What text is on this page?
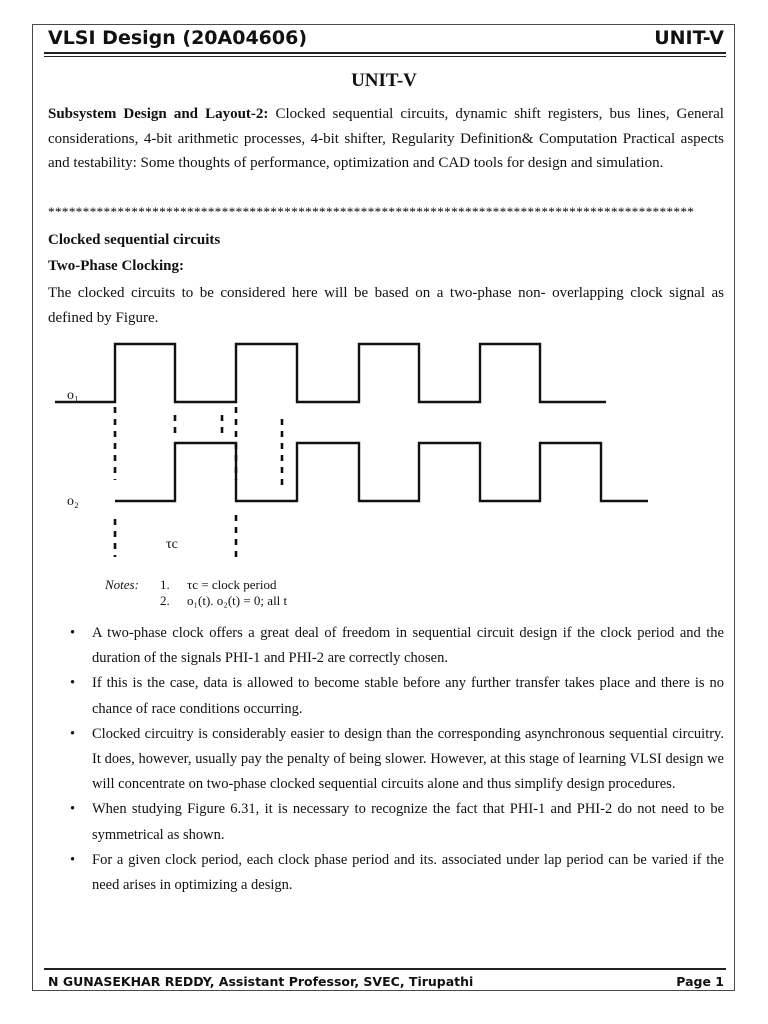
VLSI Design (20A04606)	UNIT-V
UNIT-V
Subsystem Design and Layout-2: Clocked sequential circuits, dynamic shift registers, bus lines, General considerations, 4-bit arithmetic processes, 4-bit shifter, Regularity Definition& Computation Practical aspects and testability: Some thoughts of performance, optimization and CAD tools for design and simulation.
*********************************************************************************************
Clocked sequential circuits
Two-Phase Clocking:
The clocked circuits to be considered here will be based on a two-phase non- overlapping clock signal as defined by Figure.
ο₁
ο₂
τc
Notes: 1. τc = clock period
2. ο₁(t). ο₂(t) = 0; all t
• A two-phase clock offers a great deal of freedom in sequential circuit design if the clock period and the duration of the signals PHI-1 and PHI-2 are correctly chosen.
• If this is the case, data is allowed to become stable before any further transfer takes place and there is no chance of race conditions occurring.
• Clocked circuitry is considerably easier to design than the corresponding asynchronous sequential circuitry. It does, however, usually pay the penalty of being slower. However, at this stage of learning VLSI design we will concentrate on two-phase clocked sequential circuits alone and thus simplify design procedures.
• When studying Figure 6.31, it is necessary to recognize the fact that PHI-1 and PHI-2 do not need to be symmetrical as shown.
• For a given clock period, each clock phase period and its. associated under lap period can be varied if the need arises in optimizing a design.
N GUNASEKHAR REDDY, Assistant Professor, SVEC, Tirupathi	Page 1
